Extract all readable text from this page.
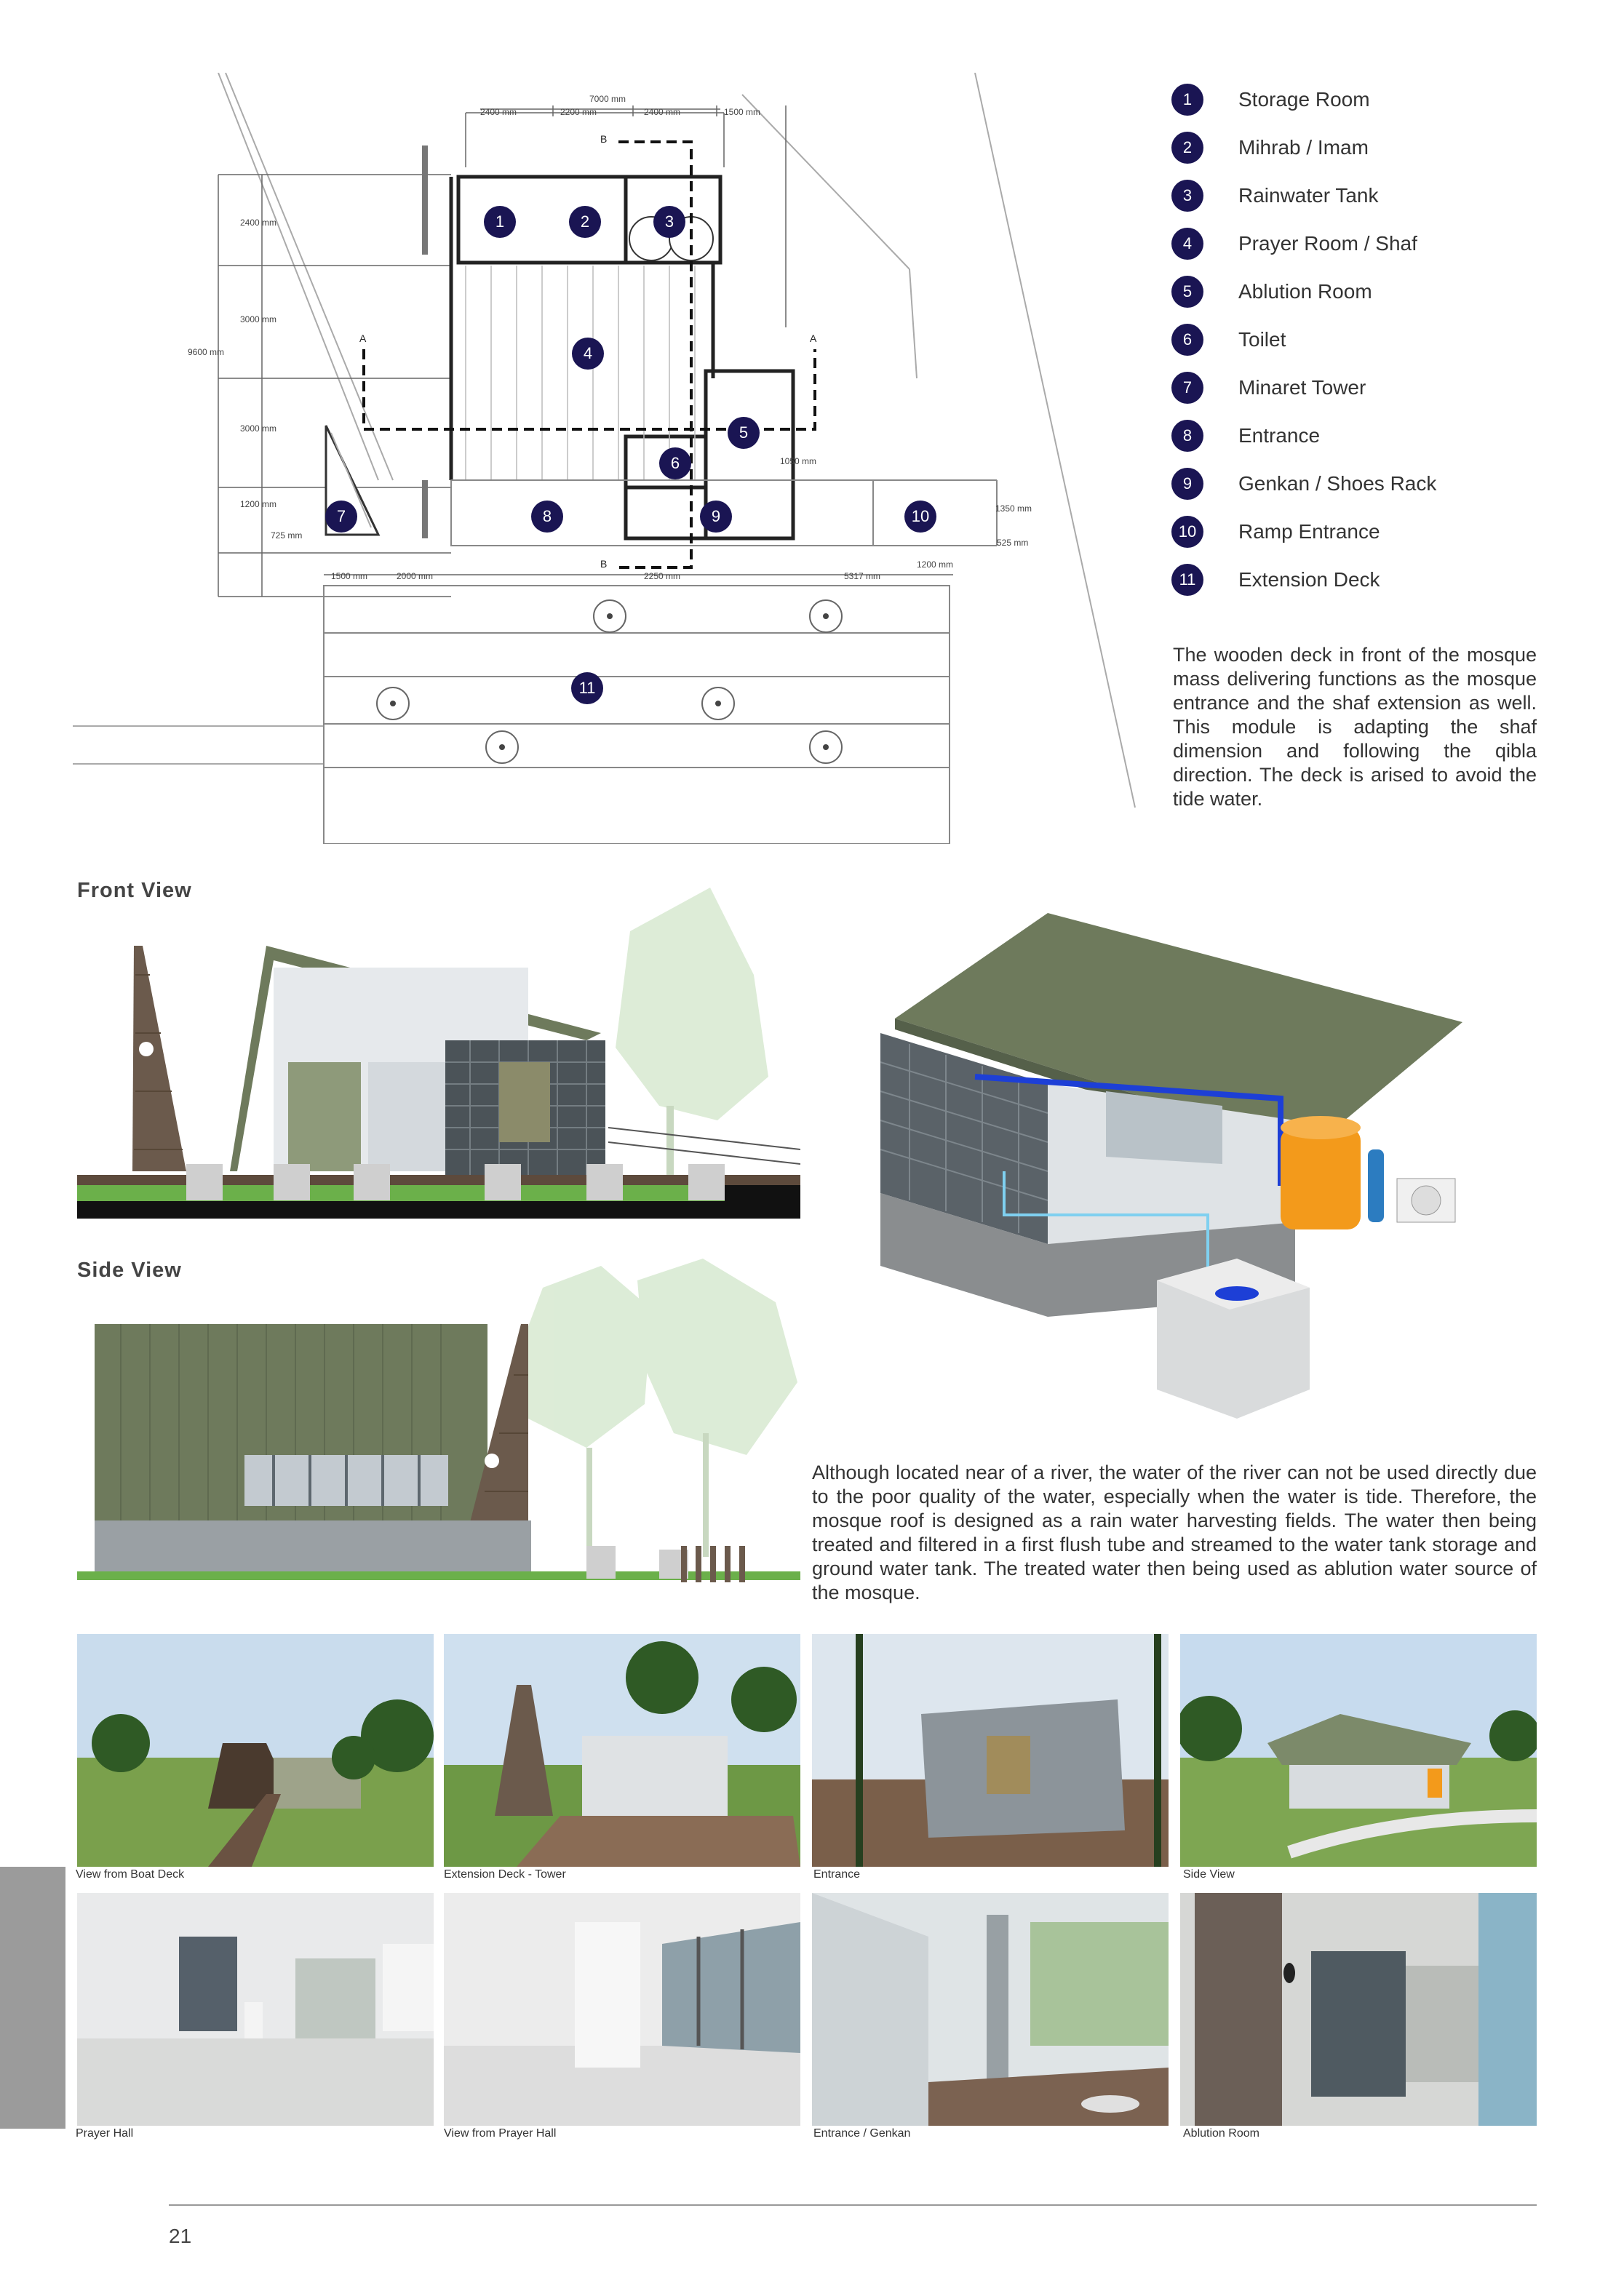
7000 mm
2400 mm	2200 mm	2400 mm	1500 mm
2400 mm
3000 mm
9600 mm
3000 mm
1200 mm
725 mm
A	A
B
B
1500 mm	2000 mm	2250 mm	5317 mm
1200 mm
1050 mm
1350 mm
525 mm
1	2	3
4
5
6
7	8	9	10
11
1	Storage Room
2	Mihrab / Imam
3	Rainwater Tank
4	Prayer Room / Shaf
5	Ablution Room
6	Toilet
7	Minaret Tower
8	Entrance
9	Genkan / Shoes Rack
10	Ramp Entrance
11	Extension Deck
The wooden deck in front of the mosque mass delivering functions as the mosque entrance and the shaf extension as well. This module is adapting the shaf dimension and following the qibla direction. The deck is arised to avoid the tide water.
Front View
Side View
Although located near of a river, the water of the river can not be used directly due to the poor quality of the water, especially when the water is tide. Therefore, the mosque roof is designed as a rain water harvesting fields. The water then being treated and filtered in a first flush tube and streamed to the water tank storage and ground water tank. The treated water then being used as ablution water source of the mosque.
View from Boat Deck	Extension Deck - Tower	Entrance	Side View
Prayer Hall	View from Prayer Hall	Entrance / Genkan	Ablution Room
21
